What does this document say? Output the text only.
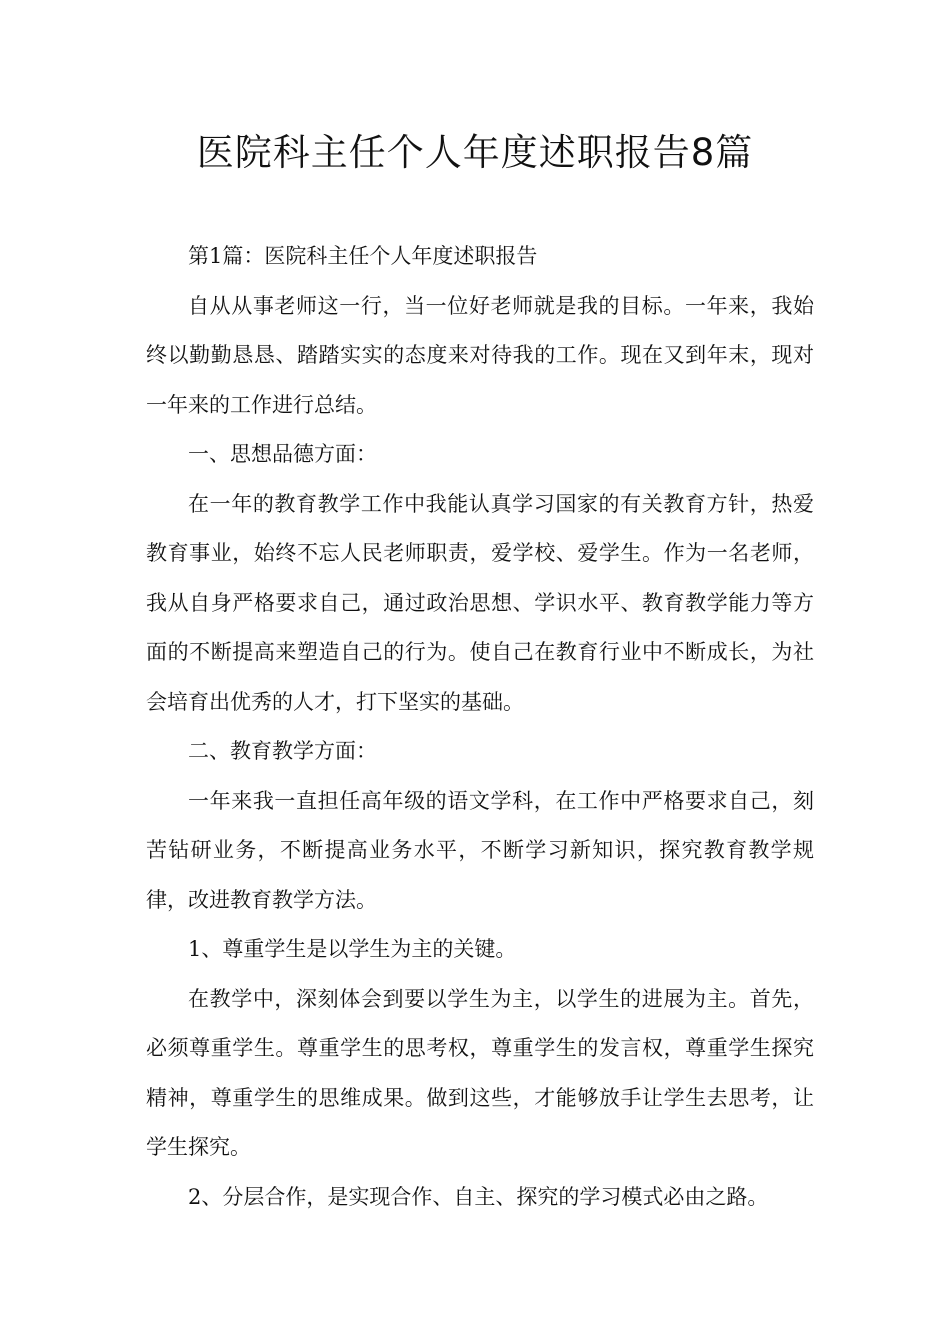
医院科主任个人年度述职报告8篇

第1篇：医院科主任个人年度述职报告

自从从事老师这一行，当一位好老师就是我的目标。一年来，我始终以勤勤恳恳、踏踏实实的态度来对待我的工作。现在又到年末，现对一年来的工作进行总结。

一、思想品德方面：

在一年的教育教学工作中我能认真学习国家的有关教育方针，热爱教育事业，始终不忘人民老师职责，爱学校、爱学生。作为一名老师，我从自身严格要求自己，通过政治思想、学识水平、教育教学能力等方面的不断提高来塑造自己的行为。使自己在教育行业中不断成长，为社会培育出优秀的人才，打下坚实的基础。

二、教育教学方面：

一年来我一直担任高年级的语文学科，在工作中严格要求自己，刻苦钻研业务，不断提高业务水平，不断学习新知识，探究教育教学规律，改进教育教学方法。

1、尊重学生是以学生为主的关键。

在教学中，深刻体会到要以学生为主，以学生的进展为主。首先，必须尊重学生。尊重学生的思考权，尊重学生的发言权，尊重学生探究精神，尊重学生的思维成果。做到这些，才能够放手让学生去思考，让学生探究。

2、分层合作，是实现合作、自主、探究的学习模式必由之路。
